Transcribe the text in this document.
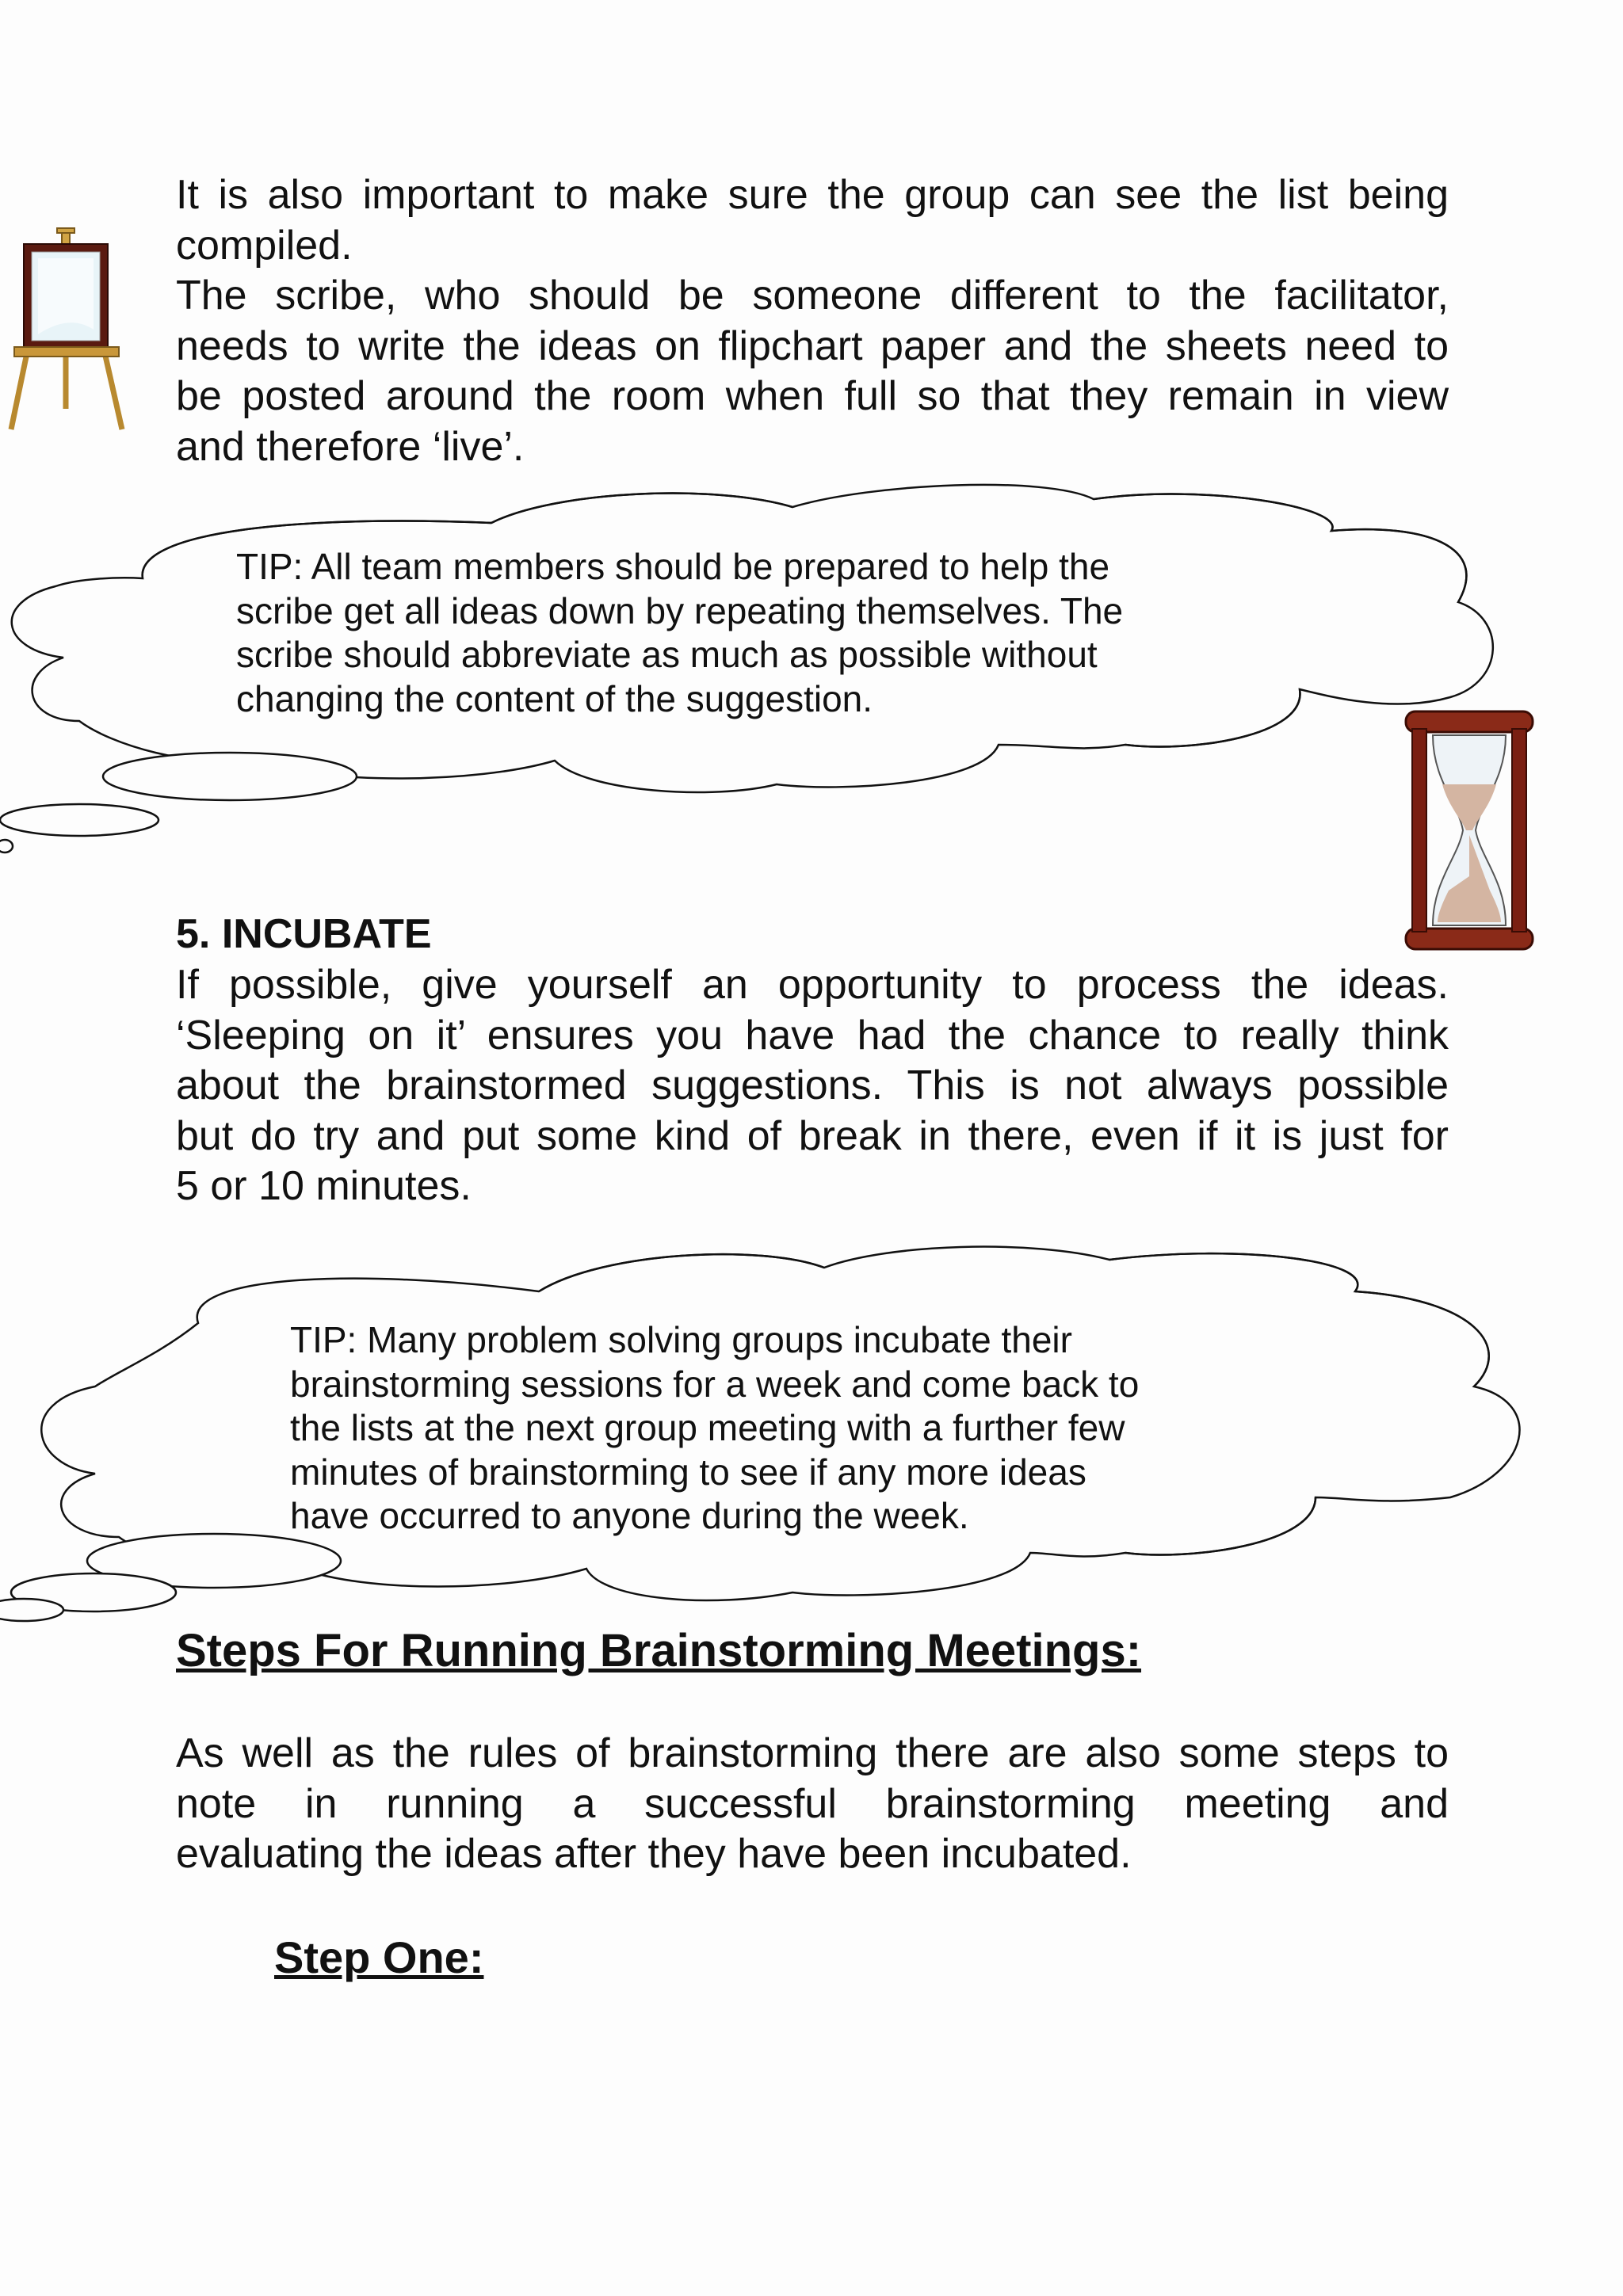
It is also important to make sure the group can see the list being
compiled.
The scribe, who should be someone different to the facilitator,
needs to write the ideas on flipchart paper and the sheets need to
be posted around the room when full so that they remain in view
and therefore ‘live’.

TIP: All team members should be prepared to help the
scribe get all ideas down by repeating themselves. The
scribe should abbreviate as much as possible without
changing the content of the suggestion.

5. INCUBATE

If possible, give yourself an opportunity to process the ideas.
‘Sleeping on it’ ensures you have had the chance to really think
about the brainstormed suggestions. This is not always possible
but do try and put some kind of break in there, even if it is just for
5 or 10 minutes.

TIP: Many problem solving groups incubate their
brainstorming sessions for a week and come back to
the lists at the next group meeting with a further few
minutes of brainstorming to see if any more ideas
have occurred to anyone during the week.

Steps For Running Brainstorming Meetings:

As well as the rules of brainstorming there are also some steps to
note in running a successful brainstorming meeting and
evaluating the ideas after they have been incubated.

Step One:
